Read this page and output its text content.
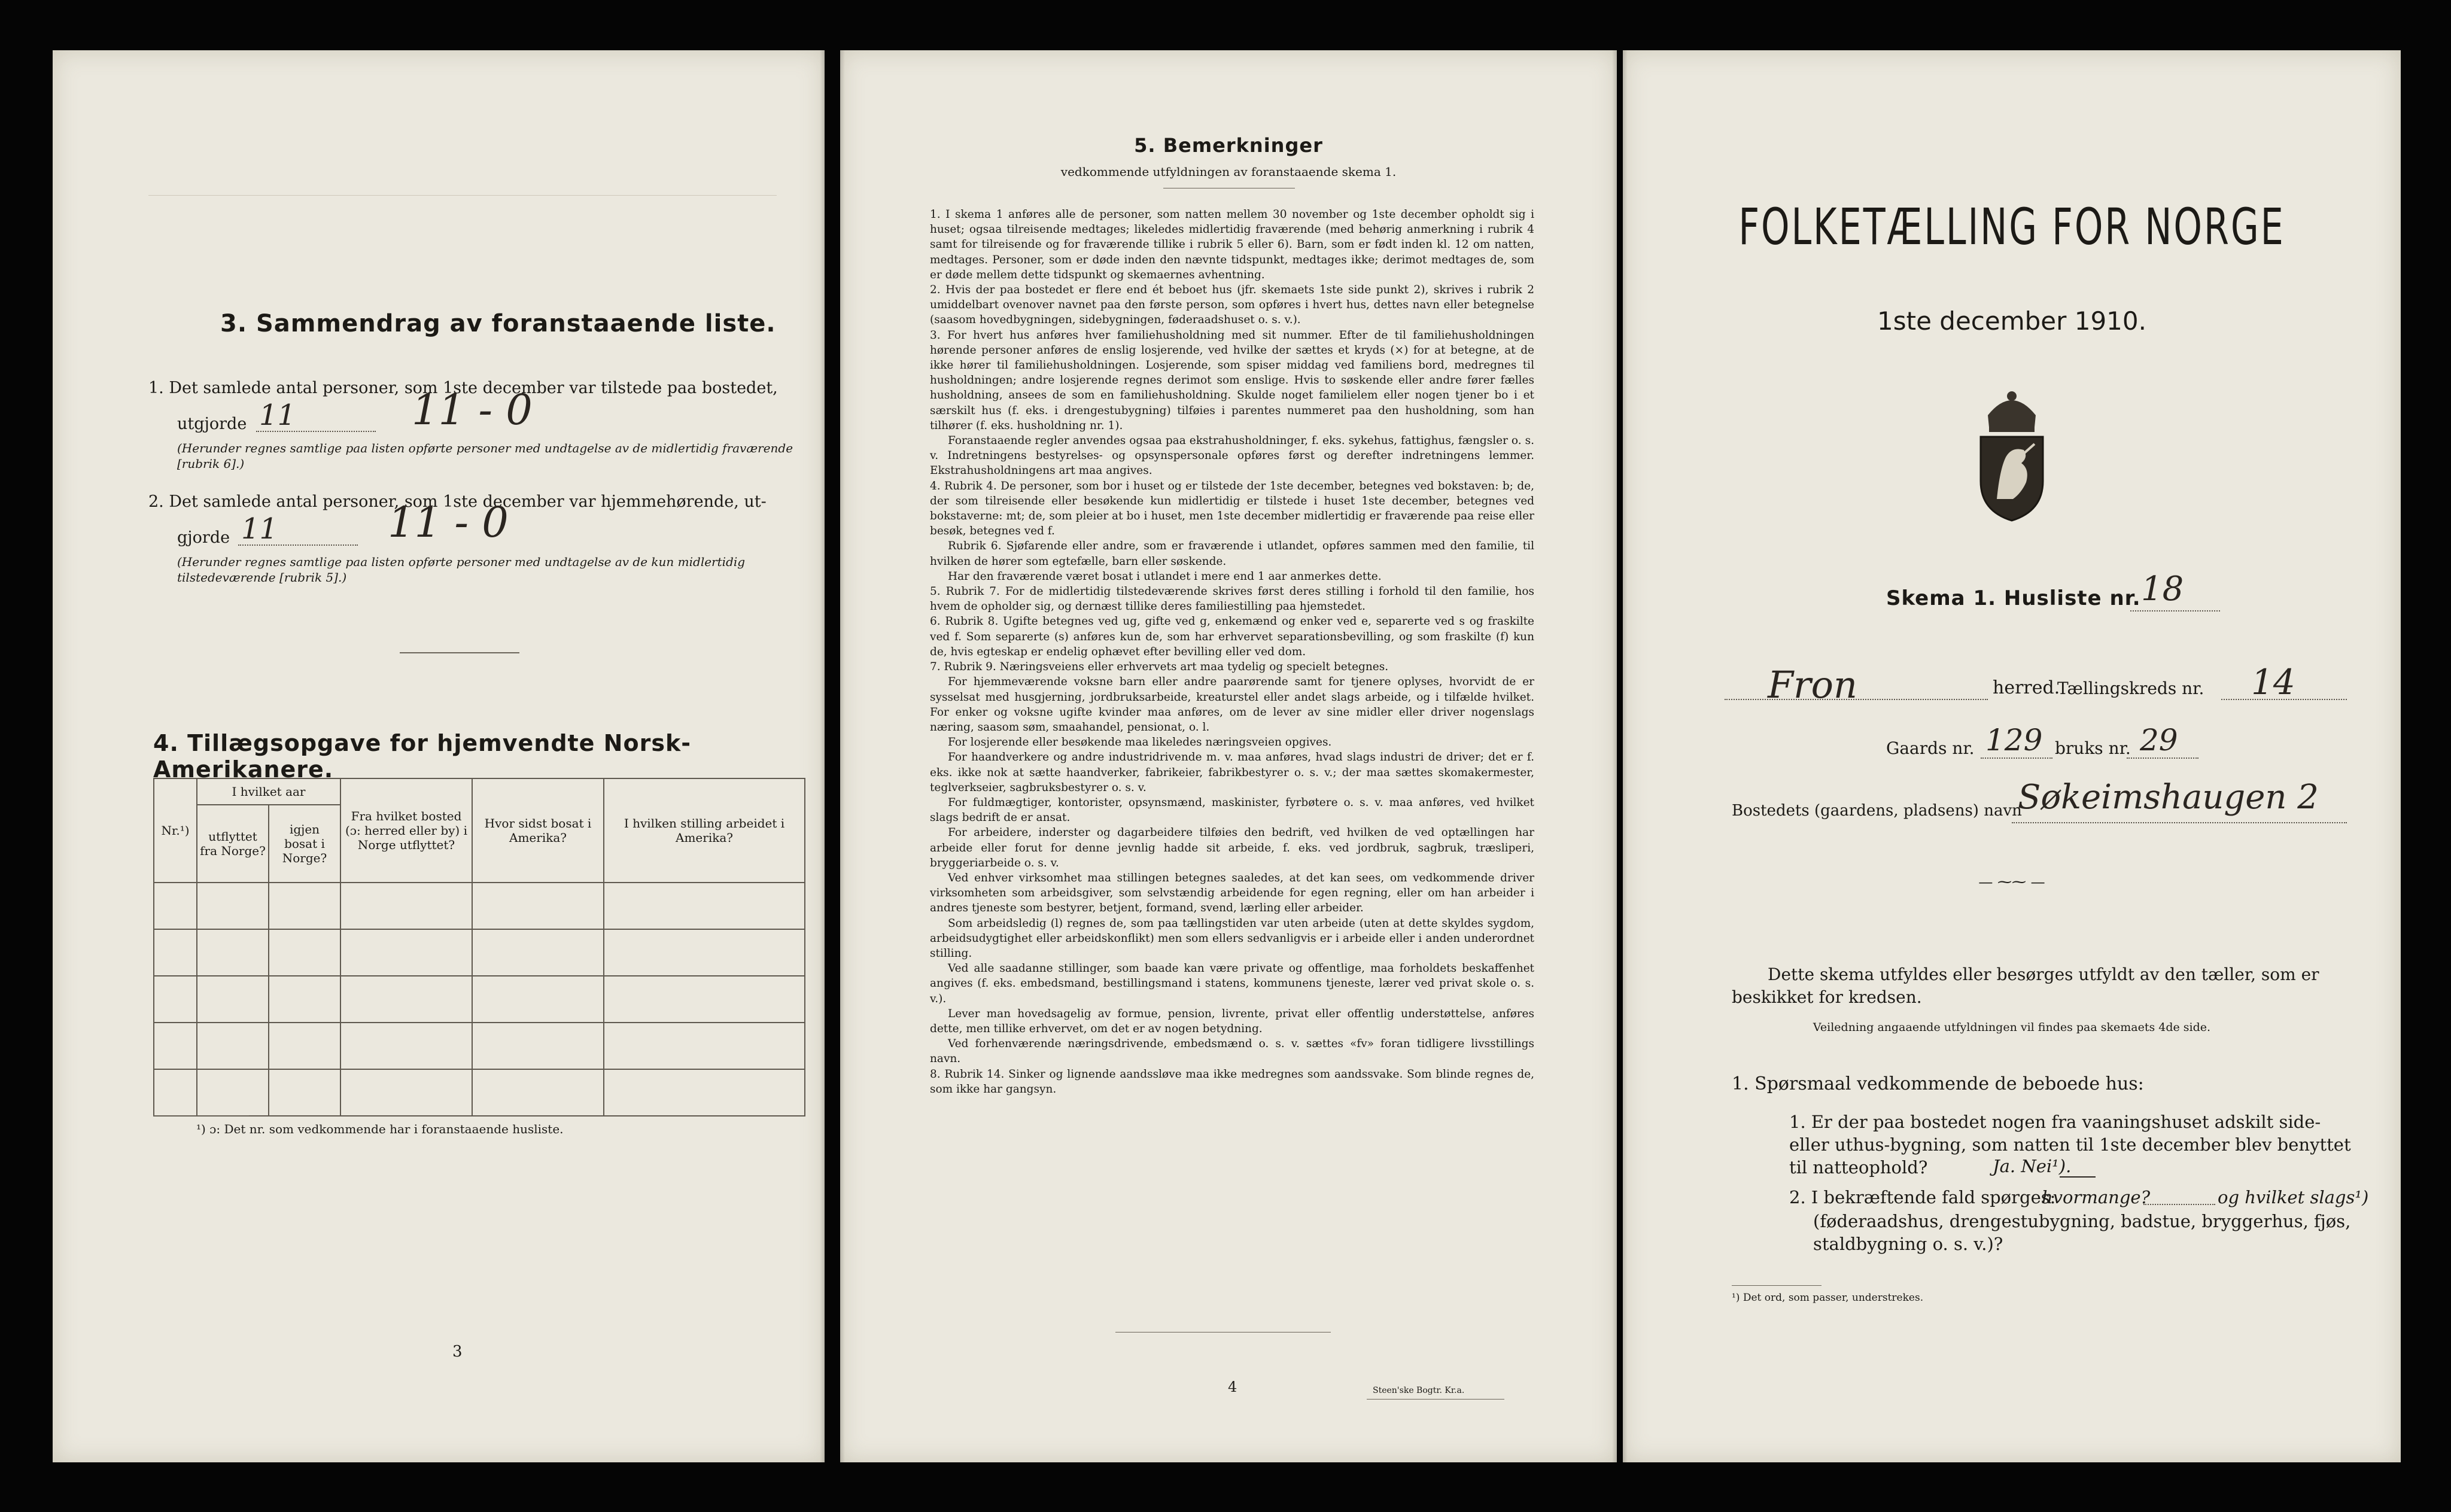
3. Sammendrag av foranstaaende liste.
1. Det samlede antal personer, som 1ste december var tilstede paa bostedet,
utgjorde 11	11 - 0
(Herunder regnes samtlige paa listen opførte personer med undtagelse av de midlertidig fraværende [rubrik 6].)
2. Det samlede antal personer, som 1ste december var hjemmehørende, ut-
gjorde 11	11 - 0
(Herunder regnes samtlige paa listen opførte personer med undtagelse av de kun midlertidig tilstedeværende [rubrik 5].)
4. Tillægsopgave for hjemvendte Norsk-Amerikanere.
Nr.¹)	I hvilket aar		Fra hvilket bosted (ɔ: herred eller by) i Norge utflyttet?	Hvor sidst bosat i Amerika?	I hvilken stilling arbeidet i Amerika?
	utflyttet fra Norge?	igjen bosat i Norge?			

¹) ɔ: Det nr. som vedkommende har i foranstaaende husliste.
3
5. Bemerkninger
vedkommende utfyldningen av foranstaaende skema 1.

1. I skema 1 anføres alle de personer, som natten mellem 30 november og 1ste december opholdt sig i huset; ogsaa tilreisende medtages; likeledes midlertidig fraværende (med behørig anmerkning i rubrik 4 samt for tilreisende og for fraværende tillike i rubrik 5 eller 6). Barn, som er født inden kl. 12 om natten, medtages. Personer, som er døde inden den nævnte tidspunkt, medtages ikke; derimot medtages de, som er døde mellem dette tidspunkt og skemaernes avhentning.

2. Hvis der paa bostedet er flere end ét beboet hus (jfr. skemaets 1ste side punkt 2), skrives i rubrik 2 umiddelbart ovenover navnet paa den første person, som opføres i hvert hus, dettes navn eller betegnelse (saasom hovedbygningen, sidebygningen, føderaadshuset o. s. v.).

3. For hvert hus anføres hver familiehusholdning med sit nummer. Efter de til familiehusholdningen hørende personer anføres de enslig losjerende, ved hvilke der sættes et kryds (×) for at betegne, at de ikke hører til familiehusholdningen. Losjerende, som spiser middag ved familiens bord, medregnes til husholdningen; andre losjerende regnes derimot som enslige. Hvis to søskende eller andre fører fælles husholdning, ansees de som en familiehusholdning. Skulde noget familielem eller nogen tjener bo i et særskilt hus (f. eks. i drengestubygning) tilføies i parentes nummeret paa den husholdning, som han tilhører (f. eks. husholdning nr. 1).

Foranstaaende regler anvendes ogsaa paa ekstrahusholdninger, f. eks. sykehus, fattighus, fængsler o. s. v. Indretningens bestyrelses- og opsynspersonale opføres først og derefter indretningens lemmer. Ekstrahusholdningens art maa angives.

4. Rubrik 4. De personer, som bor i huset og er tilstede der 1ste december, betegnes ved bokstaven: b; de, der som tilreisende eller besøkende kun midlertidig er tilstede i huset 1ste december, betegnes ved bokstaverne: mt; de, som pleier at bo i huset, men 1ste december midlertidig er fraværende paa reise eller besøk, betegnes ved f.

Rubrik 6. Sjøfarende eller andre, som er fraværende i utlandet, opføres sammen med den familie, til hvilken de hører som egtefælle, barn eller søskende.

Har den fraværende været bosat i utlandet i mere end 1 aar anmerkes dette.

5. Rubrik 7. For de midlertidig tilstedeværende skrives først deres stilling i forhold til den familie, hos hvem de opholder sig, og dernæst tillike deres familiestilling paa hjemstedet.

6. Rubrik 8. Ugifte betegnes ved ug, gifte ved g, enkemænd og enker ved e, separerte ved s og fraskilte ved f. Som separerte (s) anføres kun de, som har erhvervet separationsbevilling, og som fraskilte (f) kun de, hvis egteskap er endelig ophævet efter bevilling eller ved dom.

7. Rubrik 9. Næringsveiens eller erhvervets art maa tydelig og specielt betegnes.

For hjemmeværende voksne barn eller andre paarørende samt for tjenere oplyses, hvorvidt de er sysselsat med husgjerning, jordbruksarbeide, kreaturstel eller andet slags arbeide, og i tilfælde hvilket. For enker og voksne ugifte kvinder maa anføres, om de lever av sine midler eller driver nogenslags næring, saasom søm, smaahandel, pensionat, o. l.

For losjerende eller besøkende maa likeledes næringsveien opgives.

For haandverkere og andre industridrivende m. v. maa anføres, hvad slags industri de driver; det er f. eks. ikke nok at sætte haandverker, fabrikeier, fabrikbestyrer o. s. v.; der maa sættes skomakermester, teglverkseier, sagbruksbestyrer o. s. v.

For fuldmægtiger, kontorister, opsynsmænd, maskinister, fyrbøtere o. s. v. maa anføres, ved hvilket slags bedrift de er ansat.

For arbeidere, inderster og dagarbeidere tilføies den bedrift, ved hvilken de ved optællingen har arbeide eller forut for denne jevnlig hadde sit arbeide, f. eks. ved jordbruk, sagbruk, træsliperi, bryggeriarbeide o. s. v.

Ved enhver virksomhet maa stillingen betegnes saaledes, at det kan sees, om vedkommende driver virksomheten som arbeidsgiver, som selvstændig arbeidende for egen regning, eller om han arbeider i andres tjeneste som bestyrer, betjent, formand, svend, lærling eller arbeider.

Som arbeidsledig (l) regnes de, som paa tællingstiden var uten arbeide (uten at dette skyldes sygdom, arbeidsudygtighet eller arbeidskonflikt) men som ellers sedvanligvis er i arbeide eller i anden underordnet stilling.

Ved alle saadanne stillinger, som baade kan være private og offentlige, maa forholdets beskaffenhet angives (f. eks. embedsmand, bestillingsmand i statens, kommunens tjeneste, lærer ved privat skole o. s. v.).

Lever man hovedsagelig av formue, pension, livrente, privat eller offentlig understøttelse, anføres dette, men tillike erhvervet, om det er av nogen betydning.

Ved forhenværende næringsdrivende, embedsmænd o. s. v. sættes «fv» foran tidligere livsstillings navn.

8. Rubrik 14. Sinker og lignende aandssløve maa ikke medregnes som aandssvake. Som blinde regnes de, som ikke har gangsyn.

4	Steen'ske Bogtr. Kr.a.
FOLKETÆLLING FOR NORGE
1ste december 1910.
Skema 1. Husliste nr. 18
Fron	herred.
Tællingskreds nr. 14
Gaards nr. 129 bruks nr. 29
Bostedets (gaardens, pladsens) navn
Søkeimshaugen 2
— ⁓⁓ —
Dette skema utfyldes eller besørges utfyldt av den tæller, som er beskikket for kredsen.
Veiledning angaaende utfyldningen vil findes paa skemaets 4de side.
1. Spørsmaal vedkommende de beboede hus:
1. Er der paa bostedet nogen fra vaaningshuset adskilt side- eller uthus-bygning, som natten til 1ste december blev benyttet til natteophold?	Ja. Nei¹).
2. I bekræftende fald spørges:
hvormange?	og hvilket slags¹)
(føderaadshus, drengestubygning, badstue, bryggerhus, fjøs, staldbygning o. s. v.)?
¹) Det ord, som passer, understrekes.
